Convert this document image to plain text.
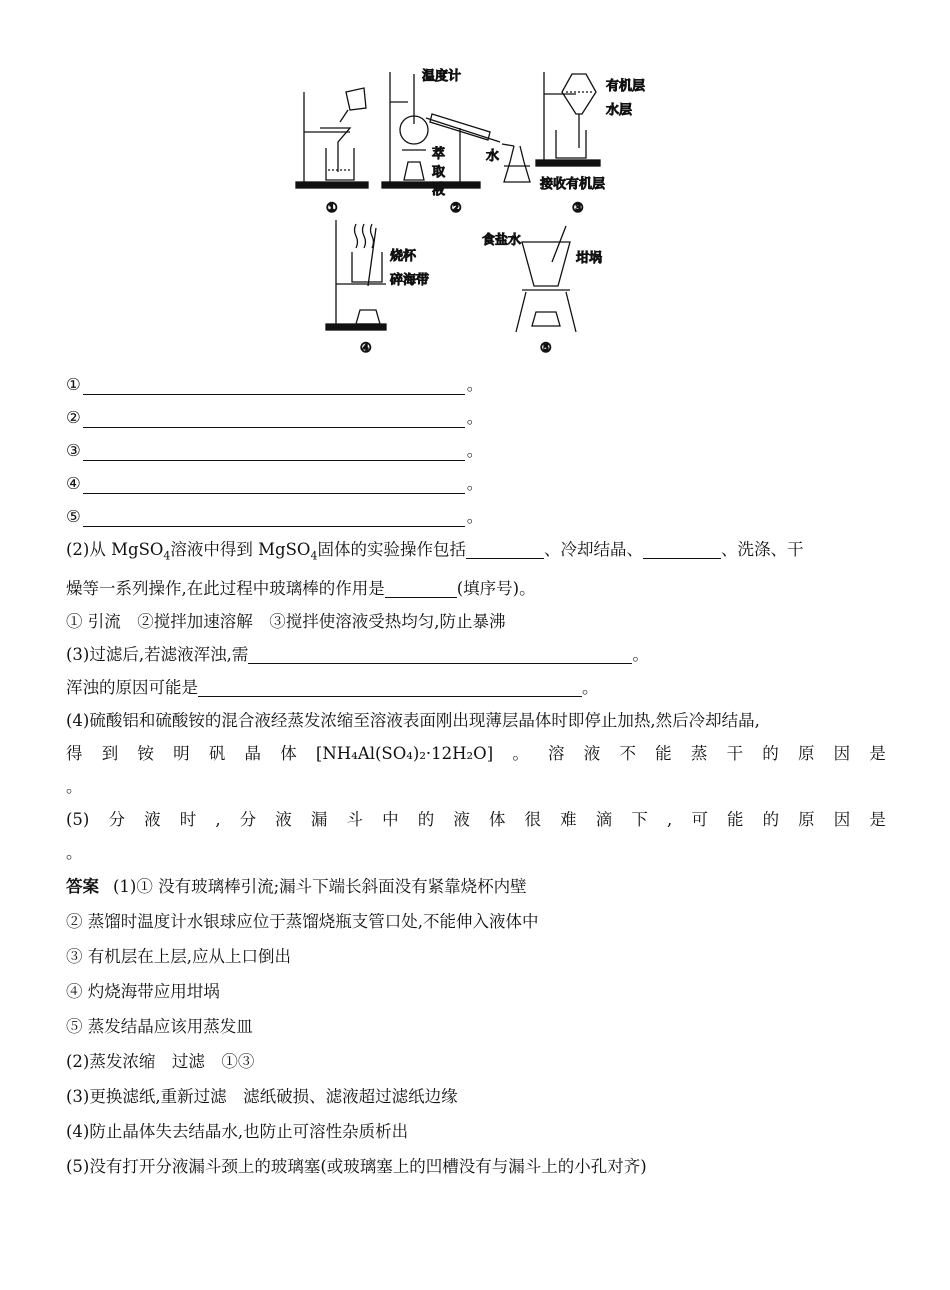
温度计
萃
取
液
水
有机层
水层
接收有机层
烧杯
碎海带
食盐水
坩埚
①	②	③
④	⑤
①	。
②	。
③	。
④	。
⑤	。

(2)从 MgSO$_4$溶液中得到 MgSO$_4$固体的实验操作包括	、冷却结晶、	、洗涤、干

燥等一系列操作,在此过程中玻璃棒的作用是	(填序号)。

① 引流　②搅拌加速溶解　③搅拌使溶液受热均匀,防止暴沸

(3)过滤后,若滤液浑浊,需	。

浑浊的原因可能是	。

(4)硫酸铝和硫酸铵的混合液经蒸发浓缩至溶液表面刚出现薄层晶体时即停止加热,然后冷却结晶,

得 到 铵 明 矾 晶 体 [NH₄Al(SO₄)₂·12H₂O] 。 溶 液 不 能 蒸 干 的 原 因 是

。

(5) 分 液 时 , 分 液 漏 斗 中 的 液 体 很 难 滴 下 , 可 能 的 原 因 是

。

答案 (1)① 没有玻璃棒引流;漏斗下端长斜面没有紧靠烧杯内壁

② 蒸馏时温度计水银球应位于蒸馏烧瓶支管口处,不能伸入液体中

③ 有机层在上层,应从上口倒出

④ 灼烧海带应用坩埚

⑤ 蒸发结晶应该用蒸发皿

(2)蒸发浓缩　过滤　①③

(3)更换滤纸,重新过滤　滤纸破损、滤液超过滤纸边缘

(4)防止晶体失去结晶水,也防止可溶性杂质析出

(5)没有打开分液漏斗颈上的玻璃塞(或玻璃塞上的凹槽没有与漏斗上的小孔对齐)
